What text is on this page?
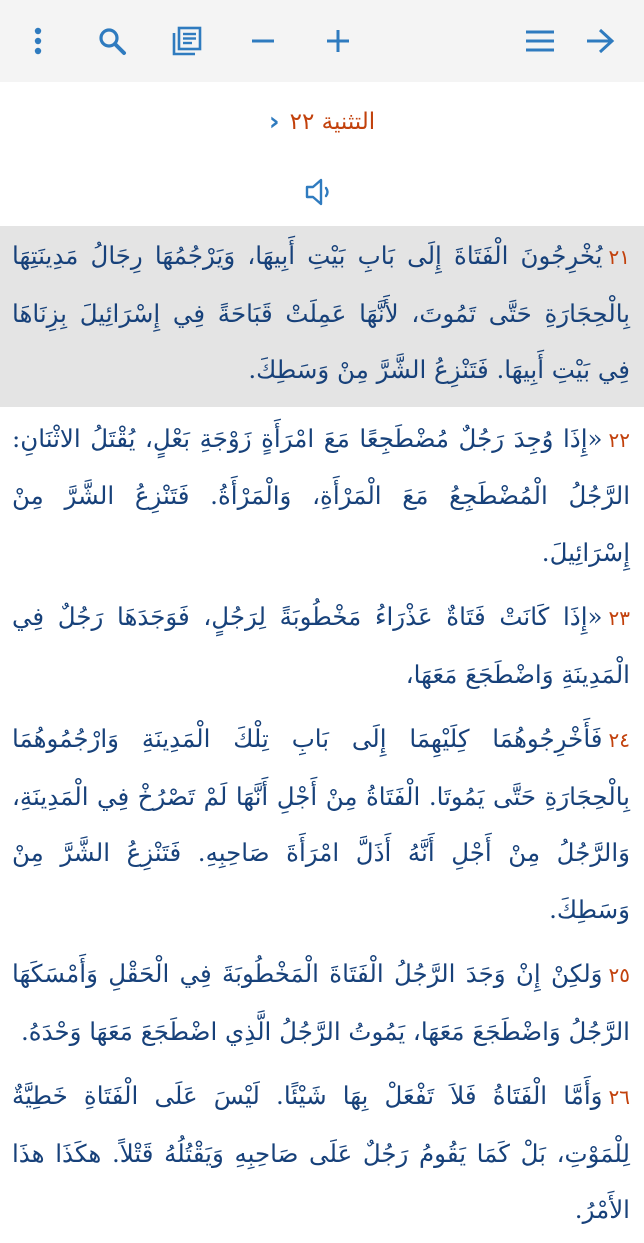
التثنية ٢٢
‹

٢١يُخْرِجُونَ الْفَتَاةَ إِلَى بَابِ بَيْتِ أَبِيهَا، وَيَرْجُمُهَا رِجَالُ مَدِينَتِهَا بِالْحِجَارَةِ حَتَّى تَمُوتَ، لأَنَّهَا عَمِلَتْ قَبَاحَةً فِي إِسْرَائِيلَ بِزِنَاهَا فِي بَيْتِ أَبِيهَا. فَتَنْزِعُ الشَّرَّ مِنْ وَسَطِكَ.

٢٢«إِذَا وُجِدَ رَجُلٌ مُضْطَجِعًا مَعَ امْرَأَةٍ زَوْجَةِ بَعْلٍ، يُقْتَلُ الاثْنَانِ: الرَّجُلُ الْمُضْطَجِعُ مَعَ الْمَرْأَةِ، وَالْمَرْأَةُ. فَتَنْزِعُ الشَّرَّ مِنْ إِسْرَائِيلَ.

٢٣«إِذَا كَانَتْ فَتَاةٌ عَذْرَاءُ مَخْطُوبَةً لِرَجُلٍ، فَوَجَدَهَا رَجُلٌ فِي الْمَدِينَةِ وَاضْطَجَعَ مَعَهَا،

٢٤فَأَخْرِجُوهُمَا كِلَيْهِمَا إِلَى بَابِ تِلْكَ الْمَدِينَةِ وَارْجُمُوهُمَا بِالْحِجَارَةِ حَتَّى يَمُوتَا. الْفَتَاةُ مِنْ أَجْلِ أَنَّهَا لَمْ تَصْرُخْ فِي الْمَدِينَةِ، وَالرَّجُلُ مِنْ أَجْلِ أَنَّهُ أَذَلَّ امْرَأَةَ صَاحِبِهِ. فَتَنْزِعُ الشَّرَّ مِنْ وَسَطِكَ.

٢٥وَلكِنْ إِنْ وَجَدَ الرَّجُلُ الْفَتَاةَ الْمَخْطُوبَةَ فِي الْحَقْلِ وَأَمْسَكَهَا الرَّجُلُ وَاضْطَجَعَ مَعَهَا، يَمُوتُ الرَّجُلُ الَّذِي اضْطَجَعَ مَعَهَا وَحْدَهُ.

٢٦وَأَمَّا الْفَتَاةُ فَلاَ تَفْعَلْ بِهَا شَيْئًا. لَيْسَ عَلَى الْفَتَاةِ خَطِيَّةٌ لِلْمَوْتِ، بَلْ كَمَا يَقُومُ رَجُلٌ عَلَى صَاحِبِهِ وَيَقْتُلُهُ قَتْلاً. هكَذَا هذَا الأَمْرُ.
